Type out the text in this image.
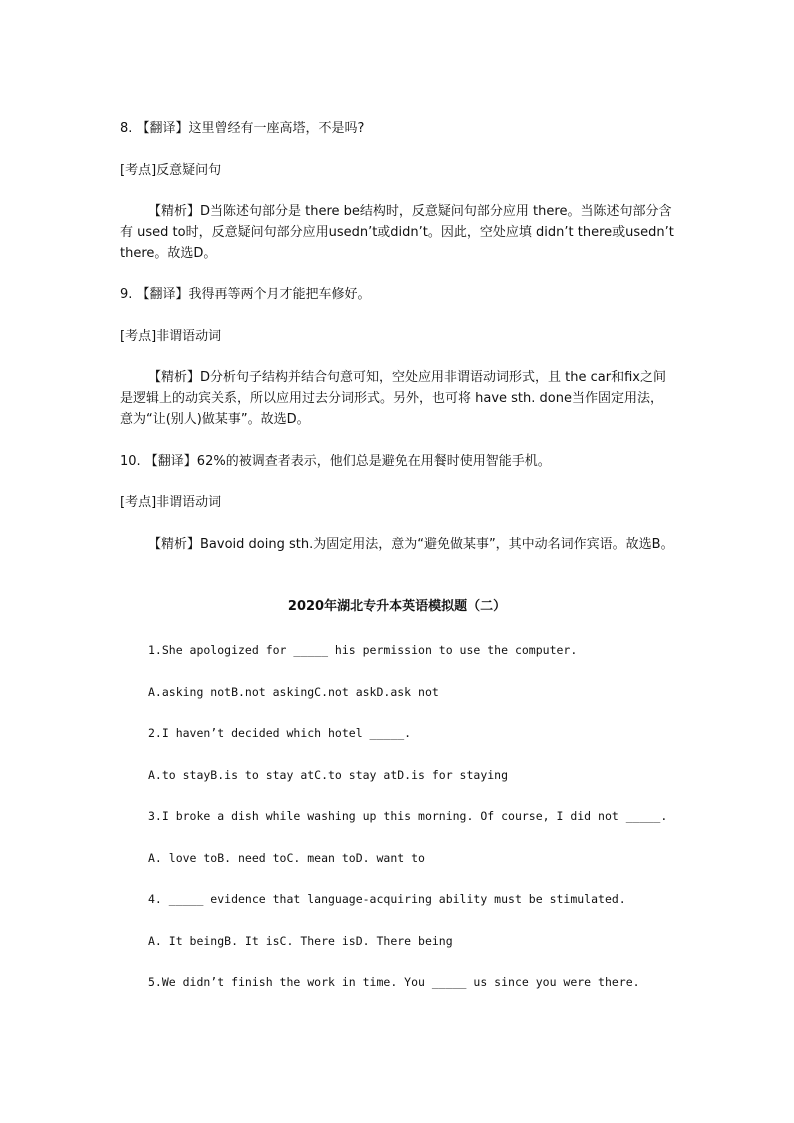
8. 【翻译】这里曾经有一座高塔，不是吗?

[考点]反意疑问句

【精析】D当陈述句部分是 there be结构时，反意疑问句部分应用 there。当陈述句部分含有 used to时，反意疑问句部分应用usedn’t或didn’t。因此，空处应填 didn’t there或usedn’t there。故选D。

9. 【翻译】我得再等两个月才能把车修好。

[考点]非谓语动词

【精析】D分析句子结构并结合句意可知，空处应用非谓语动词形式，且 the car和fix之间是逻辑上的动宾关系，所以应用过去分词形式。另外，也可将 have sth. done当作固定用法，意为“让(别人)做某事”。故选D。

10. 【翻译】62%的被调查者表示，他们总是避免在用餐时使用智能手机。

[考点]非谓语动词

【精析】Bavoid doing sth.为固定用法，意为“避免做某事”，其中动名词作宾语。故选B。

2020年湖北专升本英语模拟题（二）

1.She apologized for _____ his permission to use the computer.

A.asking notB.not askingC.not askD.ask not

2.I haven’t decided which hotel _____.

A.to stayB.is to stay atC.to stay atD.is for staying

3.I broke a dish while washing up this morning. Of course, I did not _____.

A. love toB. need toC. mean toD. want to

4. _____ evidence that language-acquiring ability must be stimulated.

A. It beingB. It isC. There isD. There being

5.We didn’t finish the work in time. You _____ us since you were there.
